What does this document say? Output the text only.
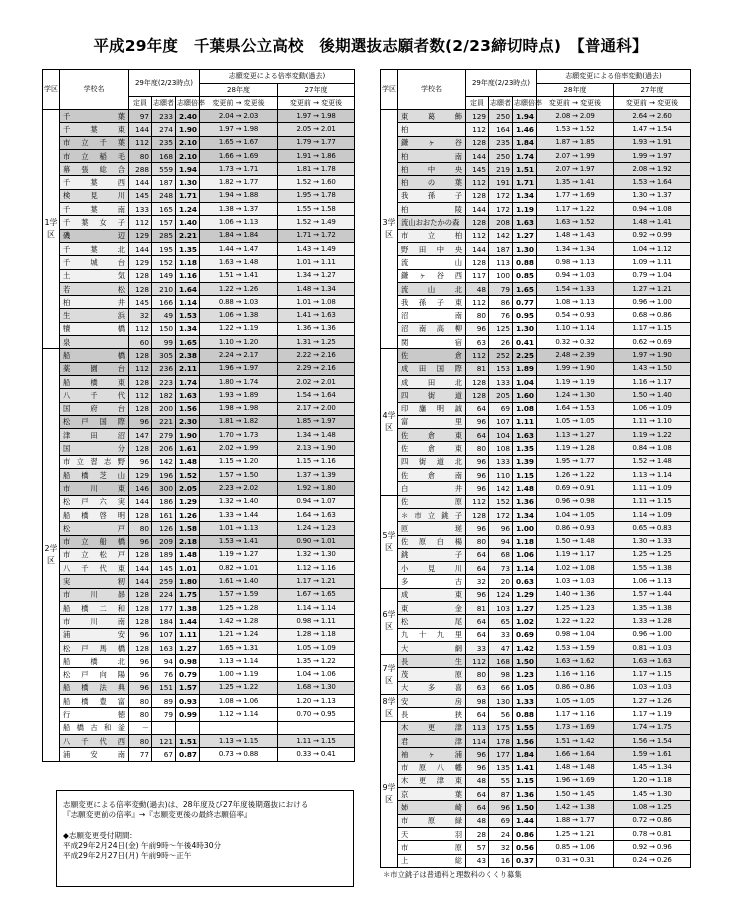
平成29年度　千葉県公立高校　後期選抜志願者数(2/23締切時点)　【普通科】
学区	学校名	29年度(2/23時点)			志願変更による倍率変動(過去)	
					28年度	27年度
		定員	志願者	志願倍率	変更前 → 変更後	変更前 → 変更後
1学区	千葉	97	233	2.40	2.04 → 2.03	1.97 → 1.98
	千葉東	144	274	1.90	1.97 → 1.98	2.05 → 2.01
	市立千葉	112	235	2.10	1.65 → 1.67	1.79 → 1.77
	市立稲毛	80	168	2.10	1.66 → 1.69	1.91 → 1.86
	幕張総合	288	559	1.94	1.73 → 1.71	1.81 → 1.78
	千葉西	144	187	1.30	1.82 → 1.77	1.52 → 1.60
	検見川	145	248	1.71	1.94 → 1.88	1.95 → 1.78
	千葉南	133	165	1.24	1.38 → 1.37	1.55 → 1.58
	千葉女子	112	157	1.40	1.06 → 1.13	1.52 → 1.49
	磯辺	129	285	2.21	1.84 → 1.84	1.71 → 1.72
	千葉北	144	195	1.35	1.44 → 1.47	1.43 → 1.49
	千城台	129	152	1.18	1.63 → 1.48	1.01 → 1.11
	土気	128	149	1.16	1.51 → 1.41	1.34 → 1.27
	若松	128	210	1.64	1.22 → 1.26	1.48 → 1.34
	柏井	145	166	1.14	0.88 → 1.03	1.01 → 1.08
	生浜	32	49	1.53	1.06 → 1.38	1.41 → 1.63
	犢橋	112	150	1.34	1.22 → 1.19	1.36 → 1.36
	泉	60	99	1.65	1.10 → 1.20	1.31 → 1.25
2学区	船橋	128	305	2.38	2.24 → 2.17	2.22 → 2.16
	薬園台	112	236	2.11	1.96 → 1.97	2.29 → 2.16
	船橋東	128	223	1.74	1.80 → 1.74	2.02 → 2.01
	八千代	112	182	1.63	1.93 → 1.89	1.54 → 1.64
	国府台	128	200	1.56	1.98 → 1.98	2.17 → 2.00
	松戸国際	96	221	2.30	1.81 → 1.82	1.85 → 1.97
	津田沼	147	279	1.90	1.70 → 1.73	1.34 → 1.48
	国分	128	206	1.61	2.02 → 1.99	2.13 → 1.90
	市立習志野	96	142	1.48	1.15 → 1.20	1.15 → 1.16
	船橋芝山	129	196	1.52	1.57 → 1.50	1.37 → 1.39
	市川東	146	300	2.05	2.23 → 2.02	1.92 → 1.80
	松戸六実	144	186	1.29	1.32 → 1.40	0.94 → 1.07
	船橋啓明	128	161	1.26	1.33 → 1.44	1.64 → 1.63
	松戸	80	126	1.58	1.01 → 1.13	1.24 → 1.23
	市立船橋	96	209	2.18	1.53 → 1.41	0.90 → 1.01
	市立松戸	128	189	1.48	1.19 → 1.27	1.32 → 1.30
	八千代東	144	145	1.01	0.82 → 1.01	1.12 → 1.16
	実籾	144	259	1.80	1.61 → 1.40	1.17 → 1.21
	市川昴	128	224	1.75	1.57 → 1.59	1.67 → 1.65
	船橋二和	128	177	1.38	1.25 → 1.28	1.14 → 1.14
	市川南	128	184	1.44	1.42 → 1.28	0.98 → 1.11
	浦安	96	107	1.11	1.21 → 1.24	1.28 → 1.18
	松戸馬橋	128	163	1.27	1.65 → 1.31	1.05 → 1.09
	船橋北	96	94	0.98	1.13 → 1.14	1.35 → 1.22
	松戸向陽	96	76	0.79	1.00 → 1.19	1.04 → 1.06
	船橋法典	96	151	1.57	1.25 → 1.22	1.68 → 1.30
	船橋豊富	80	89	0.93	1.08 → 1.06	1.20 → 1.13
	行徳	80	79	0.99	1.12 → 1.14	0.70 → 0.95
	船橋古和釜	－				
	八千代西	80	121	1.51	1.13 → 1.15	1.11 → 1.15
	浦安南	77	67	0.87	0.73 → 0.88	0.33 → 0.41
学区	学校名	29年度(2/23時点)			志願変更による倍率変動(過去)	
					28年度	27年度
		定員	志願者	志願倍率	変更前 → 変更後	変更前 → 変更後
3学区	東葛飾	129	250	1.94	2.08 → 2.09	2.64 → 2.60
	柏	112	164	1.46	1.53 → 1.52	1.47 → 1.54
	鎌ヶ谷	128	235	1.84	1.87 → 1.85	1.93 → 1.91
	柏南	144	250	1.74	2.07 → 1.99	1.99 → 1.97
	柏中央	145	219	1.51	2.07 → 1.97	2.08 → 1.92
	柏の葉	112	191	1.71	1.35 → 1.41	1.53 → 1.64
	我孫子	128	172	1.34	1.77 → 1.69	1.30 → 1.37
	柏陵	144	172	1.19	1.17 → 1.22	0.94 → 1.08
	流山おおたかの森	128	208	1.63	1.63 → 1.52	1.48 → 1.41
	市立柏	112	142	1.27	1.48 → 1.43	0.92 → 0.99
	野田中央	144	187	1.30	1.34 → 1.34	1.04 → 1.12
	流山	128	113	0.88	0.98 → 1.13	1.09 → 1.11
	鎌ヶ谷西	117	100	0.85	0.94 → 1.03	0.79 → 1.04
	流山北	48	79	1.65	1.54 → 1.33	1.27 → 1.21
	我孫子東	112	86	0.77	1.08 → 1.13	0.96 → 1.00
	沼南	80	76	0.95	0.54 → 0.93	0.68 → 0.86
	沼南高柳	96	125	1.30	1.10 → 1.14	1.17 → 1.15
	関宿	63	26	0.41	0.32 → 0.32	0.62 → 0.69
4学区	佐倉	112	252	2.25	2.48 → 2.39	1.97 → 1.90
	成田国際	81	153	1.89	1.99 → 1.90	1.43 → 1.50
	成田北	128	133	1.04	1.19 → 1.19	1.16 → 1.17
	四街道	128	205	1.60	1.24 → 1.30	1.50 → 1.40
	印旛明誠	64	69	1.08	1.64 → 1.53	1.06 → 1.09
	富里	96	107	1.11	1.05 → 1.05	1.11 → 1.10
	佐倉東	64	104	1.63	1.13 → 1.27	1.19 → 1.22
	佐倉東	80	108	1.35	1.19 → 1.28	0.84 → 1.08
	四街道北	96	133	1.39	1.95 → 1.77	1.52 → 1.48
	佐倉南	96	110	1.15	1.26 → 1.22	1.13 → 1.14
	白井	96	142	1.48	0.69 → 0.91	1.11 → 1.09
5学区	佐原	112	152	1.36	0.96 → 0.98	1.11 → 1.15
	＊市立銚子	128	172	1.34	1.04 → 1.05	1.14 → 1.09
	匝瑳	96	96	1.00	0.86 → 0.93	0.65 → 0.83
	佐原白楊	80	94	1.18	1.50 → 1.48	1.30 → 1.33
	銚子	64	68	1.06	1.19 → 1.17	1.25 → 1.25
	小見川	64	73	1.14	1.02 → 1.08	1.55 → 1.38
	多古	32	20	0.63	1.03 → 1.03	1.06 → 1.13
6学区	成東	96	124	1.29	1.40 → 1.36	1.57 → 1.44
	東金	81	103	1.27	1.25 → 1.23	1.35 → 1.38
	松尾	64	65	1.02	1.22 → 1.22	1.33 → 1.28
	九十九里	64	33	0.69	0.98 → 1.04	0.96 → 1.00
	大網	33	47	1.42	1.53 → 1.59	0.81 → 1.03
7学区	長生	112	168	1.50	1.63 → 1.62	1.63 → 1.63
	茂原	80	98	1.23	1.16 → 1.16	1.17 → 1.15
	大多喜	63	66	1.05	0.86 → 0.86	1.03 → 1.03
8学区	安房	98	130	1.33	1.05 → 1.05	1.27 → 1.26
	長狭	64	56	0.88	1.17 → 1.16	1.17 → 1.19
9学区	木更津	113	175	1.55	1.73 → 1.69	1.74 → 1.75
	君津	114	178	1.56	1.51 → 1.42	1.56 → 1.54
	袖ヶ浦	96	177	1.84	1.66 → 1.64	1.59 → 1.61
	市原八幡	96	135	1.41	1.48 → 1.48	1.45 → 1.34
	木更津東	48	55	1.15	1.96 → 1.69	1.20 → 1.18
	京葉	64	87	1.36	1.50 → 1.45	1.45 → 1.30
	姉崎	64	96	1.50	1.42 → 1.38	1.08 → 1.25
	市原緑	48	69	1.44	1.88 → 1.77	0.72 → 0.86
	天羽	28	24	0.86	1.25 → 1.21	0.78 → 0.81
	市原	57	32	0.56	0.85 → 1.06	0.92 → 0.96
	上総	43	16	0.37	0.31 → 0.31	0.24 → 0.26
志願変更による倍率変動(過去)は、28年度及び27年度後期選抜における
『志願変更前の倍率』→『志願変更後の最終志願倍率』

◆志願変更受付期間:
平成29年2月24日(金) 午前9時～午後4時30分
平成29年2月27日(月) 午前9時～正午
＊市立銚子は普通科と理数科のくくり募集
